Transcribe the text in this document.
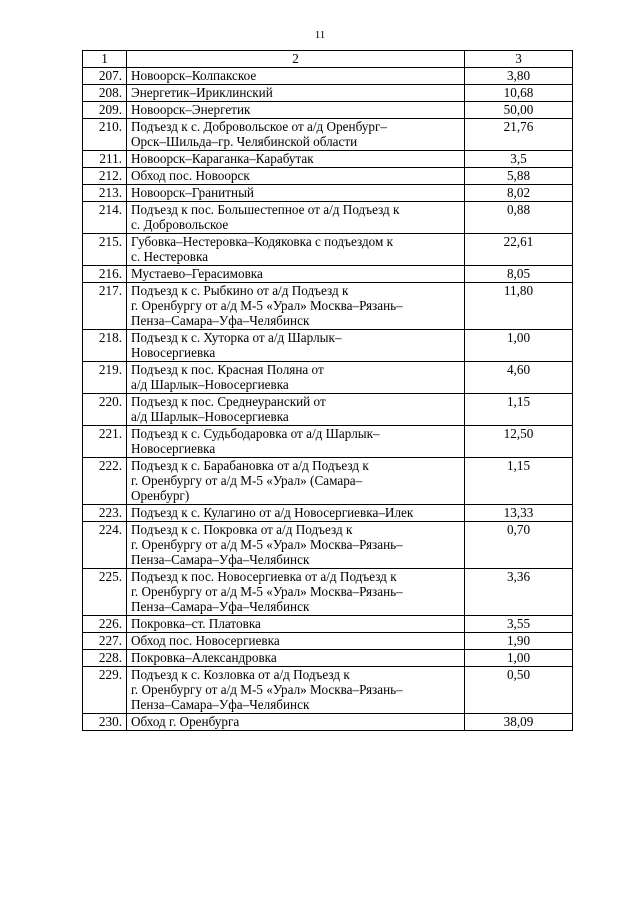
11
1	2	3
207.	Новоорск–Колпакское	3,80
208.	Энергетик–Ириклинский	10,68
209.	Новоорск–Энергетик	50,00
210.	Подъезд к с. Добровольское от а/д Оренбург–
Орск–Шильда–гр. Челябинской области	21,76
211.	Новоорск–Караганка–Карабутак	3,5
212.	Обход пос. Новоорск	5,88
213.	Новоорск–Гранитный	8,02
214.	Подъезд к пос. Большестепное от а/д Подъезд к
с. Добровольское	0,88
215.	Губовка–Нестеровка–Кодяковка с подъездом к
с. Нестеровка	22,61
216.	Мустаево–Герасимовка	8,05
217.	Подъезд к с. Рыбкино от а/д Подъезд к
г. Оренбургу от а/д М-5 «Урал» Москва–Рязань–
Пенза–Самара–Уфа–Челябинск	11,80
218.	Подъезд к с. Хуторка от а/д Шарлык–
Новосергиевка	1,00
219.	Подъезд к пос. Красная Поляна от
а/д Шарлык–Новосергиевка	4,60
220.	Подъезд к пос. Среднеуранский от
а/д Шарлык–Новосергиевка	1,15
221.	Подъезд к с. Судьбодаровка от а/д Шарлык–
Новосергиевка	12,50
222.	Подъезд к с. Барабановка от а/д Подъезд к
г. Оренбургу от а/д М-5 «Урал» (Самара–
Оренбург)	1,15
223.	Подъезд к с. Кулагино от а/д Новосергиевка–Илек	13,33
224.	Подъезд к с. Покровка от а/д Подъезд к
г. Оренбургу от а/д М-5 «Урал» Москва–Рязань–
Пенза–Самара–Уфа–Челябинск	0,70
225.	Подъезд к пос. Новосергиевка от а/д Подъезд к
г. Оренбургу от а/д М-5 «Урал» Москва–Рязань–
Пенза–Самара–Уфа–Челябинск	3,36
226.	Покровка–ст. Платовка	3,55
227.	Обход пос. Новосергиевка	1,90
228.	Покровка–Александровка	1,00
229.	Подъезд к с. Козловка от а/д Подъезд к
г. Оренбургу от а/д М-5 «Урал» Москва–Рязань–
Пенза–Самара–Уфа–Челябинск	0,50
230.	Обход г. Оренбурга	38,09
